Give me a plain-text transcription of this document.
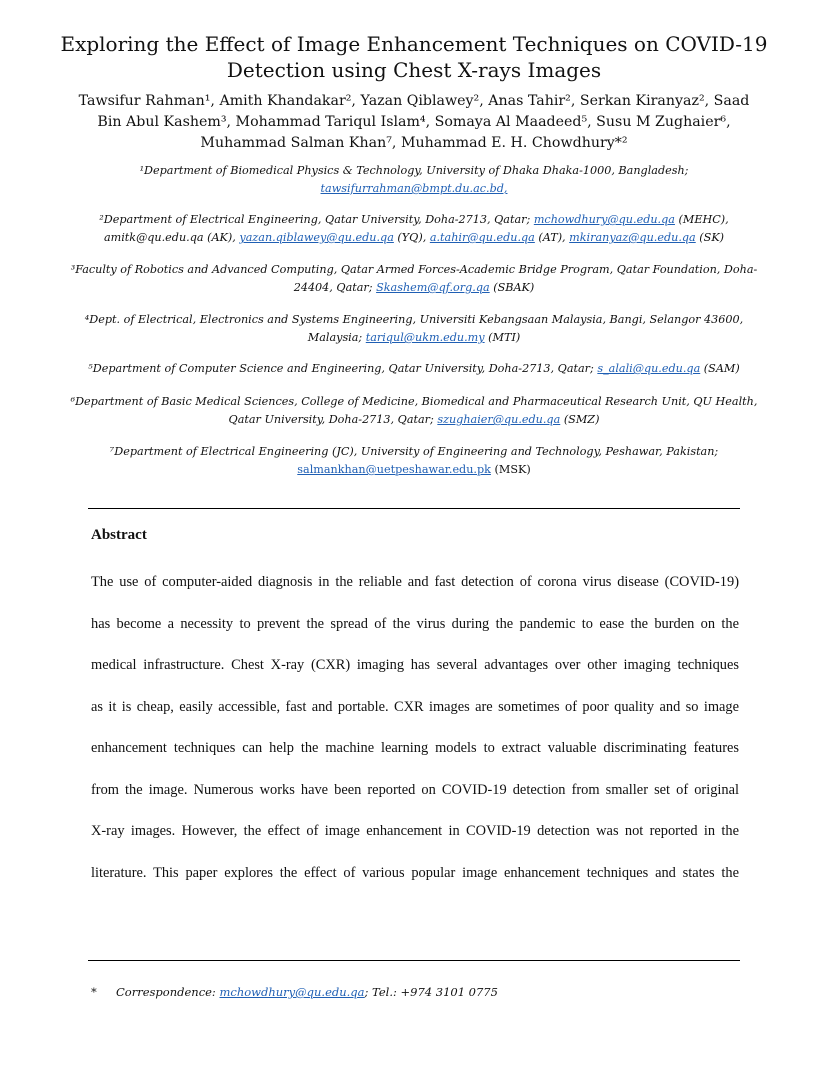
Exploring the Effect of Image Enhancement Techniques on COVID-19
Detection using Chest X-rays Images
Tawsifur Rahman¹, Amith Khandakar², Yazan Qiblawey², Anas Tahir², Serkan Kiranyaz², Saad
Bin Abul Kashem³, Mohammad Tariqul Islam⁴, Somaya Al Maadeed⁵, Susu M Zughaier⁶,
Muhammad Salman Khan⁷, Muhammad E. H. Chowdhury*²
¹Department of Biomedical Physics & Technology, University of Dhaka Dhaka-1000, Bangladesh;
tawsifurrahman@bmpt.du.ac.bd,
²Department of Electrical Engineering, Qatar University, Doha-2713, Qatar; mchowdhury@qu.edu.qa (MEHC),
amitk@qu.edu.qa (AK), yazan.qiblawey@qu.edu.qa (YQ), a.tahir@qu.edu.qa (AT), mkiranyaz@qu.edu.qa (SK)
³Faculty of Robotics and Advanced Computing, Qatar Armed Forces-Academic Bridge Program, Qatar Foundation, Doha-
24404, Qatar; Skashem@qf.org.qa (SBAK)
⁴Dept. of Electrical, Electronics and Systems Engineering, Universiti Kebangsaan Malaysia, Bangi, Selangor 43600,
Malaysia; tariqul@ukm.edu.my (MTI)
⁵Department of Computer Science and Engineering, Qatar University, Doha-2713, Qatar; s_alali@qu.edu.qa (SAM)
⁶Department of Basic Medical Sciences, College of Medicine, Biomedical and Pharmaceutical Research Unit, QU Health,
Qatar University, Doha-2713, Qatar; szughaier@qu.edu.qa (SMZ)
⁷Department of Electrical Engineering (JC), University of Engineering and Technology, Peshawar, Pakistan;
salmankhan@uetpeshawar.edu.pk (MSK)
Abstract
The use of computer-aided diagnosis in the reliable and fast detection of corona virus disease (COVID-19)
has become a necessity to prevent the spread of the virus during the pandemic to ease the burden on the
medical infrastructure. Chest X-ray (CXR) imaging has several advantages over other imaging techniques
as it is cheap, easily accessible, fast and portable. CXR images are sometimes of poor quality and so image
enhancement techniques can help the machine learning models to extract valuable discriminating features
from the image. Numerous works have been reported on COVID-19 detection from smaller set of original
X-ray images. However, the effect of image enhancement in COVID-19 detection was not reported in the
literature. This paper explores the effect of various popular image enhancement techniques and states the
* Correspondence: mchowdhury@qu.edu.qa; Tel.: +974 3101 0775
